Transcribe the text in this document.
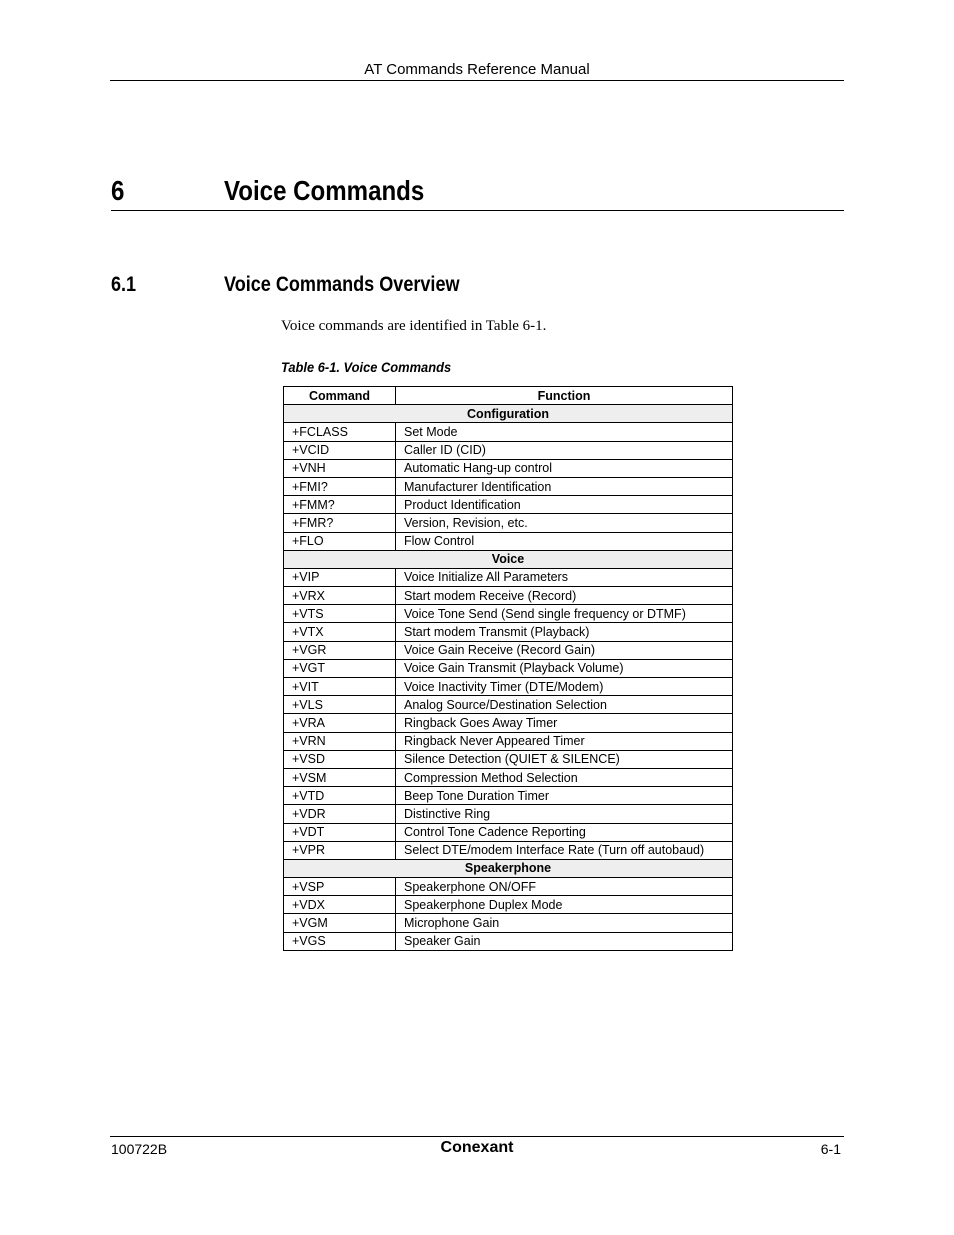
AT Commands Reference Manual
6	Voice Commands
6.1	Voice Commands Overview
Voice commands are identified in Table 6-1.
Table 6-1. Voice Commands
Command	Function
Configuration	
+FCLASS	Set Mode
+VCID	Caller ID (CID)
+VNH	Automatic Hang-up control
+FMI?	Manufacturer Identification
+FMM?	Product Identification
+FMR?	Version, Revision, etc.
+FLO	Flow Control
Voice	
+VIP	Voice Initialize All Parameters
+VRX	Start modem Receive (Record)
+VTS	Voice Tone Send (Send single frequency or DTMF)
+VTX	Start modem Transmit (Playback)
+VGR	Voice Gain Receive (Record Gain)
+VGT	Voice Gain Transmit (Playback Volume)
+VIT	Voice Inactivity Timer (DTE/Modem)
+VLS	Analog Source/Destination Selection
+VRA	Ringback Goes Away Timer
+VRN	Ringback Never Appeared Timer
+VSD	Silence Detection (QUIET & SILENCE)
+VSM	Compression Method Selection
+VTD	Beep Tone Duration Timer
+VDR	Distinctive Ring
+VDT	Control Tone Cadence Reporting
+VPR	Select DTE/modem Interface Rate (Turn off autobaud)
Speakerphone	
+VSP	Speakerphone ON/OFF
+VDX	Speakerphone Duplex Mode
+VGM	Microphone Gain
+VGS	Speaker Gain
100722B	Conexant	6-1
